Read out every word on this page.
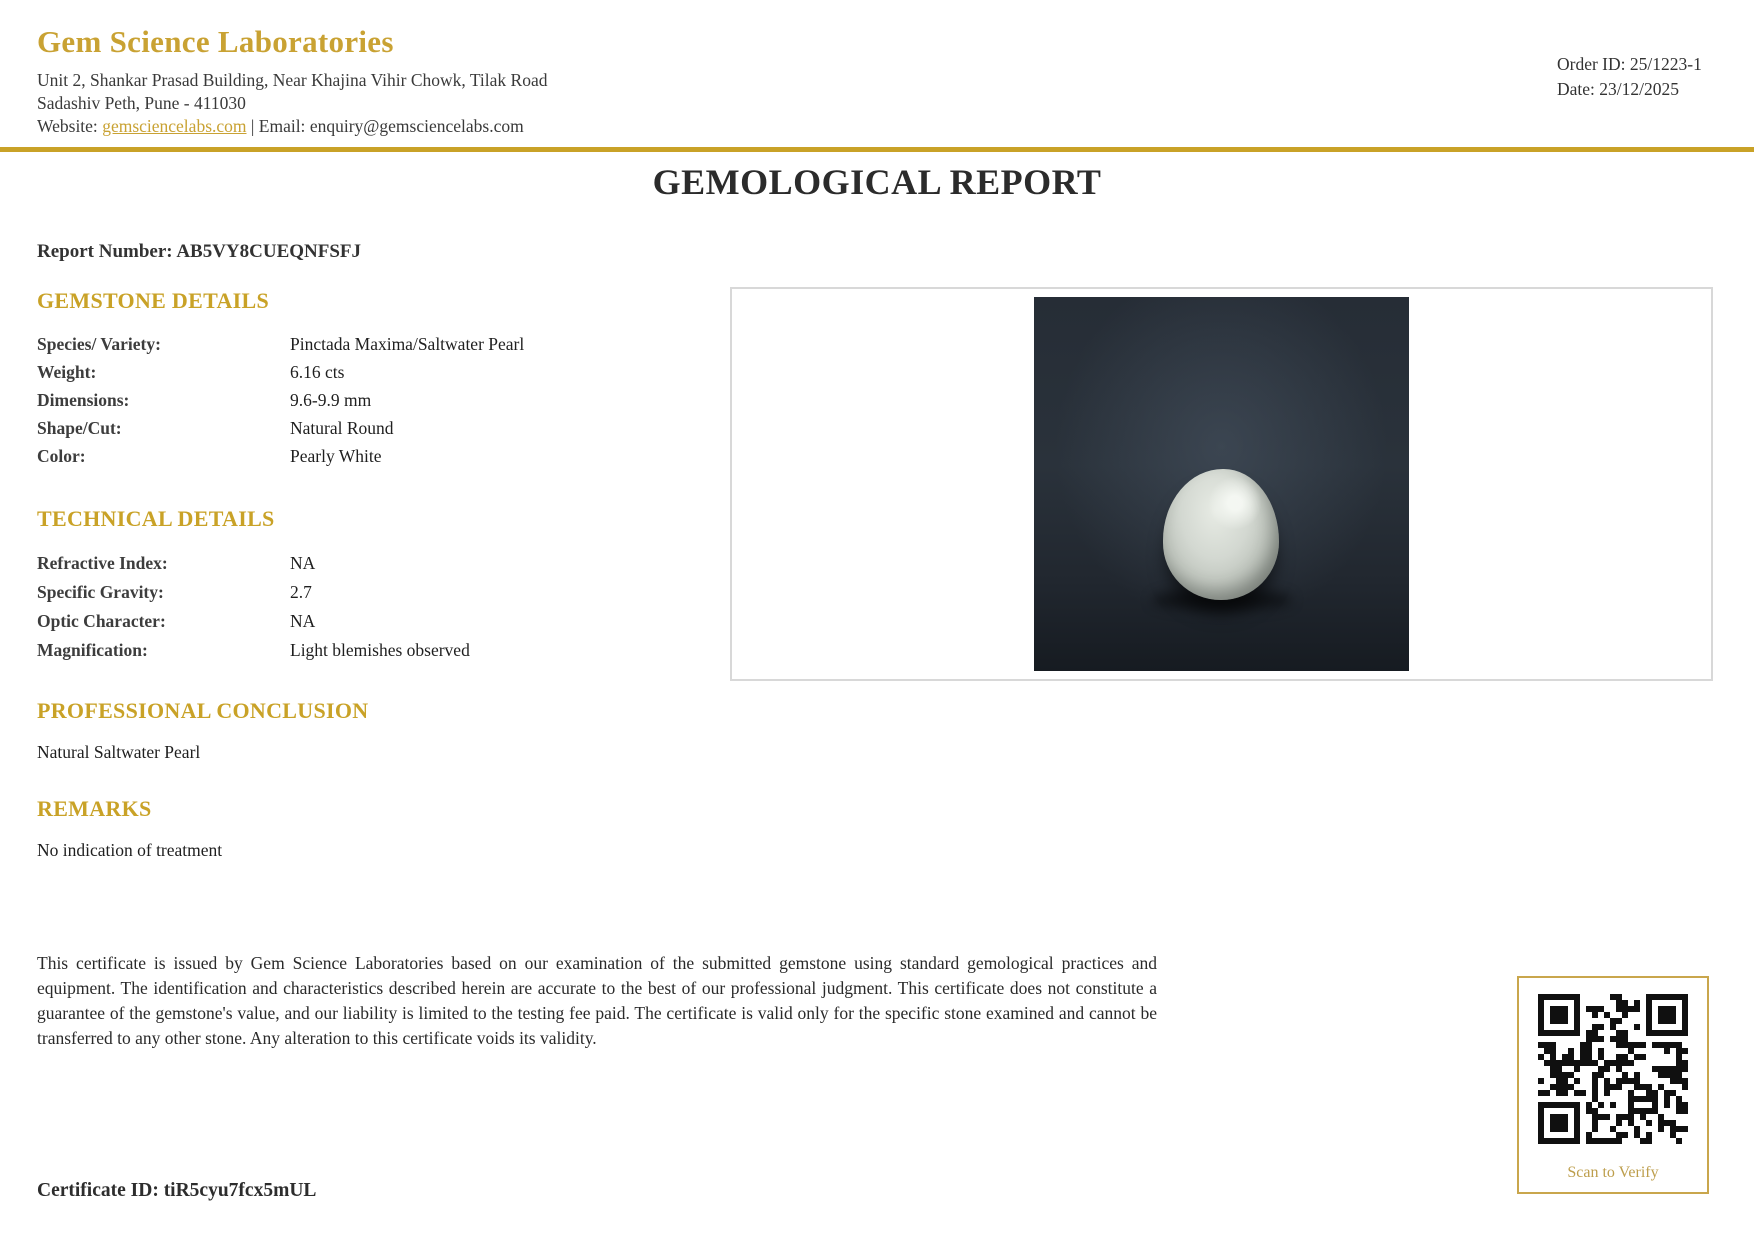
Gem Science Laboratories
Unit 2, Shankar Prasad Building, Near Khajina Vihir Chowk, Tilak Road
Sadashiv Peth, Pune - 411030
Website: gemsciencelabs.com | Email: enquiry@gemsciencelabs.com
Order ID: 25/1223-1
Date: 23/12/2025
GEMOLOGICAL REPORT
Report Number: AB5VY8CUEQNFSFJ
GEMSTONE DETAILS
Species/ Variety:	Pinctada Maxima/Saltwater Pearl
Weight:	6.16 cts
Dimensions:	9.6-9.9 mm
Shape/Cut:	Natural Round
Color:	Pearly White
TECHNICAL DETAILS
Refractive Index:	NA
Specific Gravity:	2.7
Optic Character:	NA
Magnification:	Light blemishes observed
PROFESSIONAL CONCLUSION
Natural Saltwater Pearl
REMARKS
No indication of treatment
This certificate is issued by Gem Science Laboratories based on our examination of the submitted gemstone using standard gemological practices and equipment. The identification and characteristics described herein are accurate to the best of our professional judgment. This certificate does not constitute a guarantee of the gemstone's value, and our liability is limited to the testing fee paid. The certificate is valid only for the specific stone examined and cannot be transferred to any other stone. Any alteration to this certificate voids its validity.
Scan to Verify
Certificate ID: tiR5cyu7fcx5mUL
